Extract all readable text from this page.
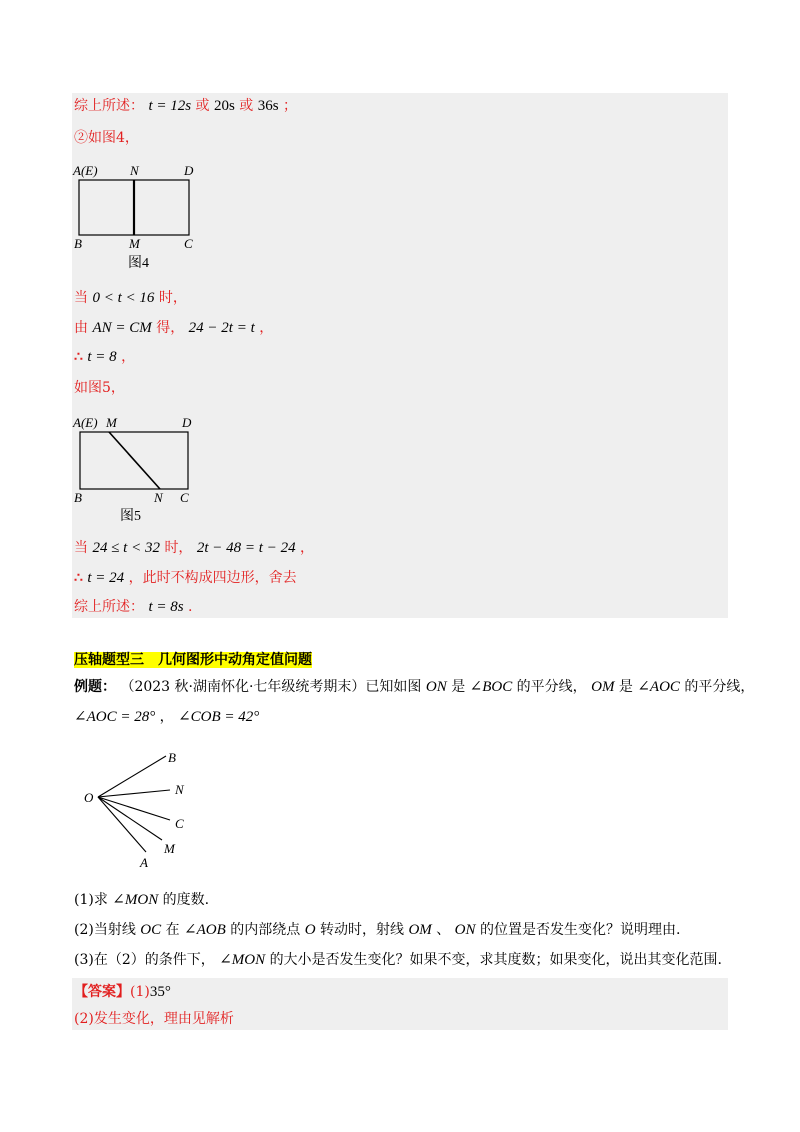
综上所述： t = 12s 或 20s 或 36s ；
②如图4，
A(E) N	D
B	M	C
图4
当 0 < t < 16 时，
由 AN = CM 得， 24 − 2t = t ，
∴ t = 8 ，
如图5，
A(E) M	D
B	N C
图5
当 24 ≤ t < 32 时， 2t − 48 = t − 24 ，
∴ t = 24 ，此时不构成四边形，舍去
综上所述： t = 8s .
压轴题型三　几何图形中动角定值问题
例题： （2023 秋·湖南怀化·七年级统考期末）已知如图 ON 是 ∠BOC 的平分线， OM 是 ∠AOC 的平分线，
∠AOC = 28° ， ∠COB = 42°
B
N
O
C
M
A
(1)求 ∠MON 的度数.
(2)当射线 OC 在 ∠AOB 的内部绕点 O 转动时，射线 OM 、 ON 的位置是否发生变化？说明理由.
(3)在（2）的条件下， ∠MON 的大小是否发生变化？如果不变，求其度数；如果变化，说出其变化范围.
【答案】(1)35°
(2)发生变化，理由见解析
